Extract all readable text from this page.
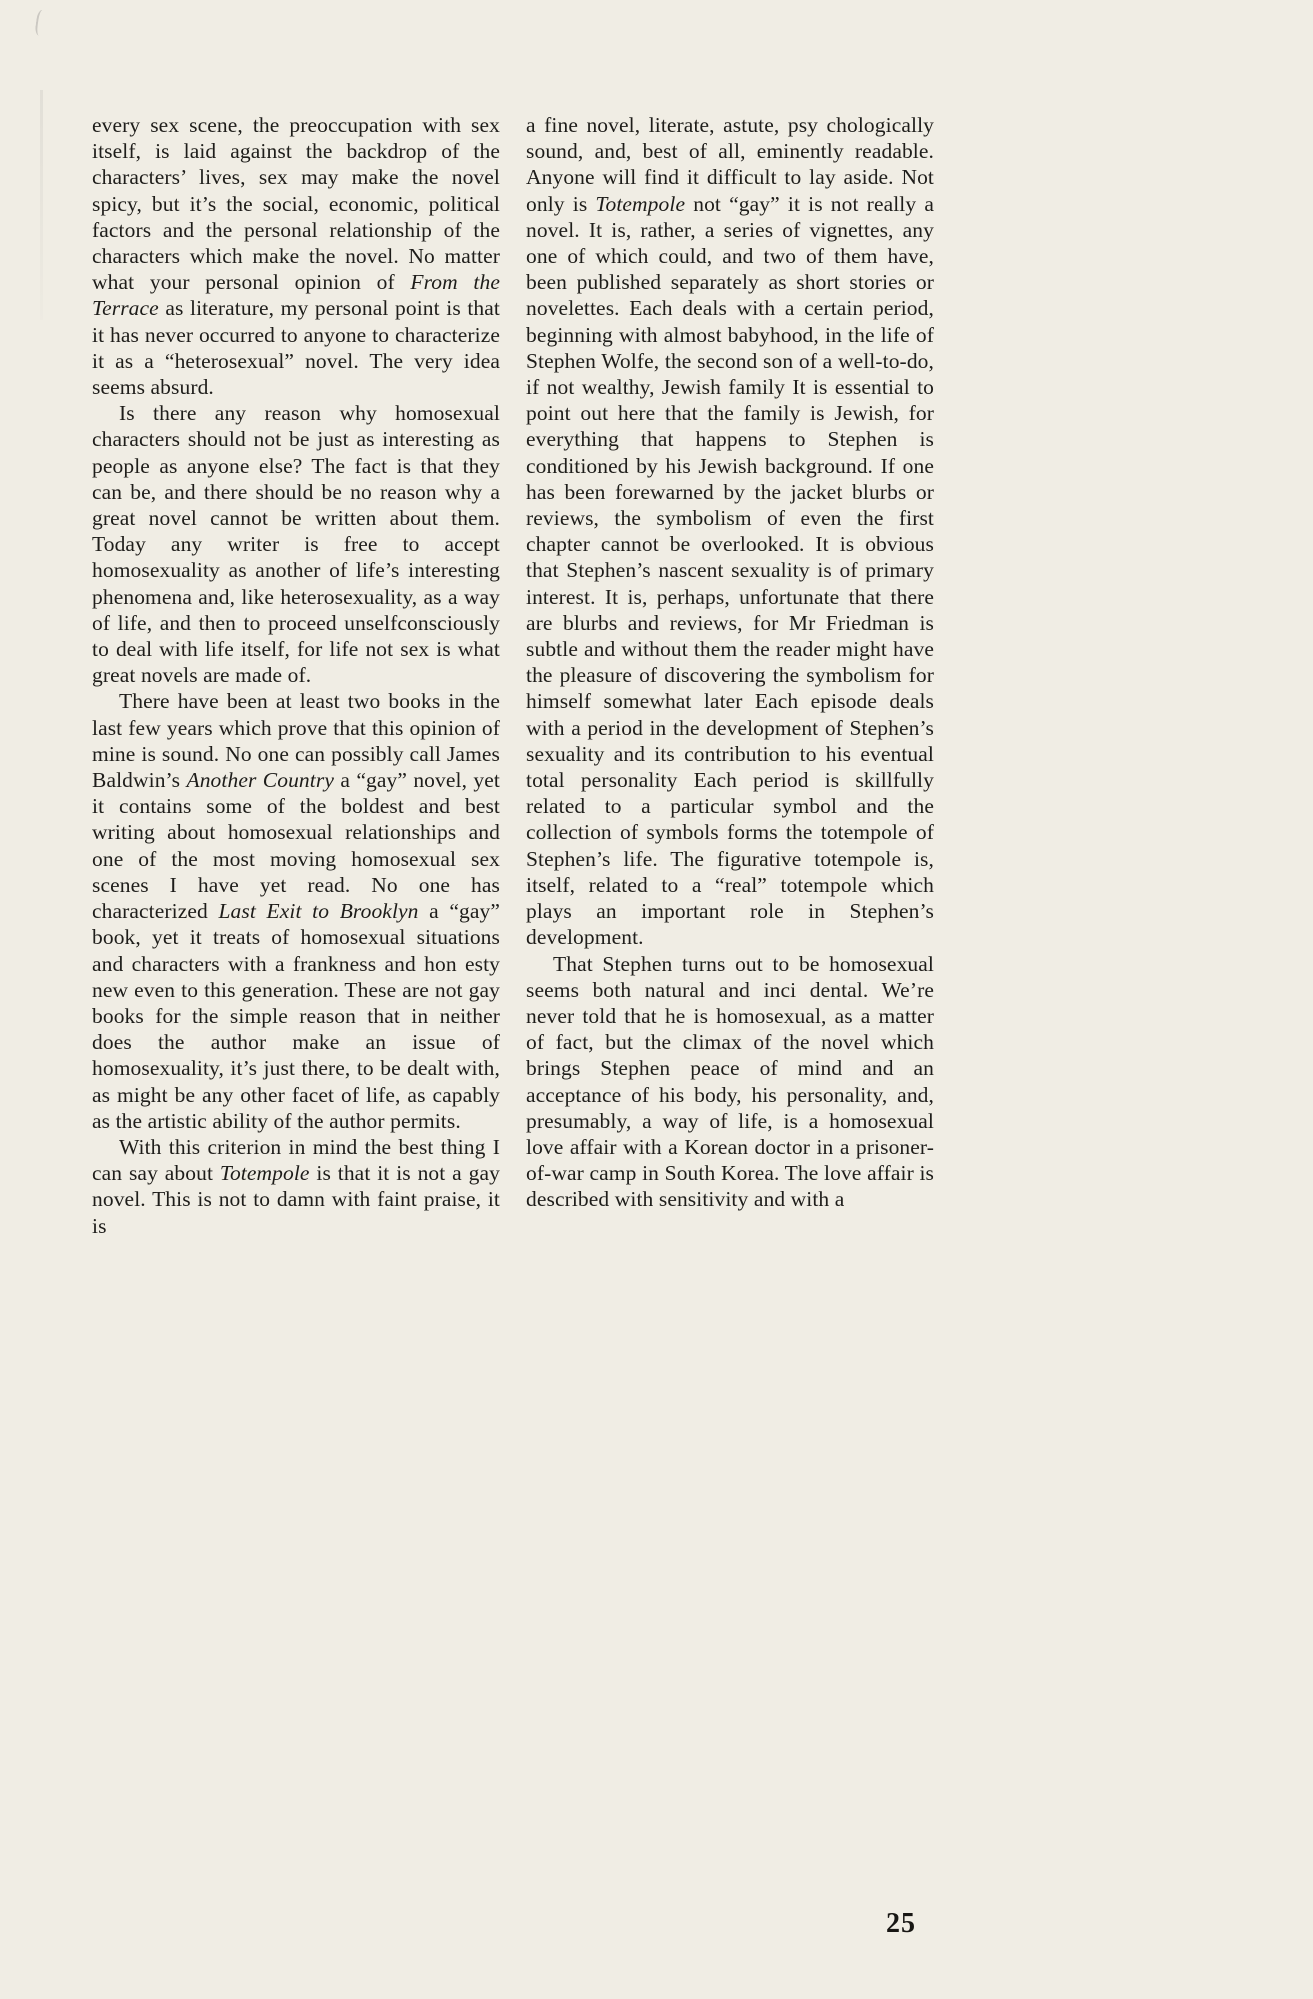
every sex scene, the preoccupation with sex itself, is laid against the backdrop of the characters’ lives, sex may make the novel spicy, but it’s the social, economic, political factors and the personal relationship of the characters which make the novel. No matter what your personal opinion of From the Terrace as literature, my personal point is that it has never occurred to anyone to characterize it as a “heterosexual” novel. The very idea seems absurd.

Is there any reason why homosexual characters should not be just as interesting as people as anyone else? The fact is that they can be, and there should be no reason why a great novel cannot be written about them. Today any writer is free to accept homosexuality as another of life’s interesting phenomena and, like heterosexuality, as a way of life, and then to proceed unselfconsciously to deal with life itself, for life not sex is what great novels are made of.

There have been at least two books in the last few years which prove that this opinion of mine is sound. No one can possibly call James Baldwin’s Another Country a “gay” novel, yet it contains some of the boldest and best writing about homosexual relationships and one of the most moving homosexual sex scenes I have yet read. No one has characterized Last Exit to Brooklyn a “gay” book, yet it treats of homosexual situations and characters with a frankness and hon esty new even to this generation. These are not gay books for the simple reason that in neither does the author make an issue of homosexuality, it’s just there, to be dealt with, as might be any other facet of life, as capably as the artistic ability of the author permits.

With this criterion in mind the best thing I can say about Totempole is that it is not a gay novel. This is not to damn with faint praise, it is

a fine novel, literate, astute, psy chologically sound, and, best of all, eminently readable. Anyone will find it difficult to lay aside. Not only is Totempole not “gay” it is not really a novel. It is, rather, a series of vignettes, any one of which could, and two of them have, been published separately as short stories or novelettes. Each deals with a certain period, beginning with almost babyhood, in the life of Stephen Wolfe, the second son of a well-to-do, if not wealthy, Jewish family It is essential to point out here that the family is Jewish, for everything that happens to Stephen is conditioned by his Jewish background. If one has been forewarned by the jacket blurbs or reviews, the symbolism of even the first chapter cannot be overlooked. It is obvious that Stephen’s nascent sexuality is of primary interest. It is, perhaps, unfortunate that there are blurbs and reviews, for Mr Friedman is subtle and without them the reader might have the pleasure of discovering the symbolism for himself somewhat later Each episode deals with a period in the development of Stephen’s sexuality and its contribution to his eventual total personality Each period is skillfully related to a particular symbol and the collection of symbols forms the totempole of Stephen’s life. The figurative totempole is, itself, related to a “real” totempole which plays an important role in Stephen’s development.

That Stephen turns out to be homosexual seems both natural and inci dental. We’re never told that he is homosexual, as a matter of fact, but the climax of the novel which brings Stephen peace of mind and an acceptance of his body, his personality, and, presumably, a way of life, is a homosexual love affair with a Korean doctor in a prisoner-of-war camp in South Korea. The love affair is described with sensitivity and with a

25
